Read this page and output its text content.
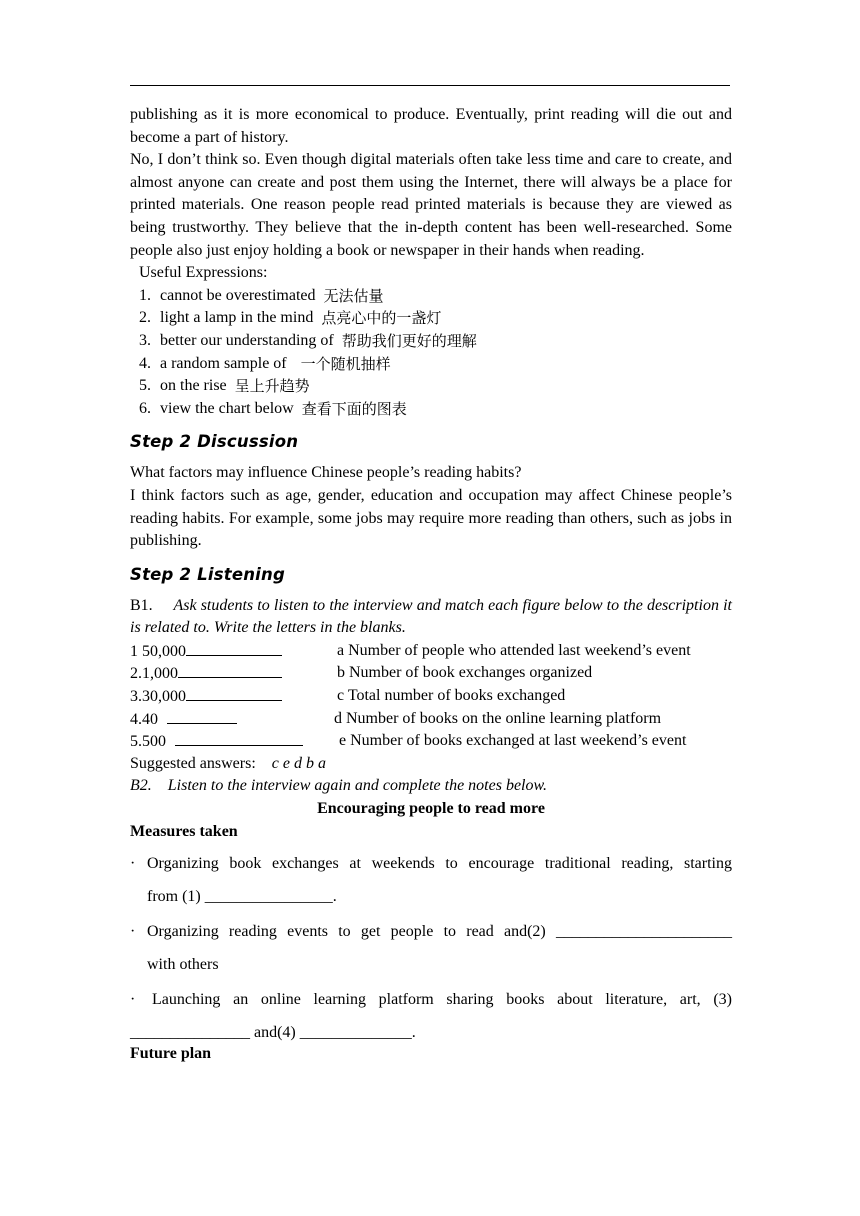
publishing as it is more economical to produce. Eventually, print reading will die out and become a part of history.

No, I don’t think so. Even though digital materials often take less time and care to create, and almost anyone can create and post them using the Internet, there will always be a place for printed materials. One reason people read printed materials is because they are viewed as being trustworthy. They believe that the in-depth content has been well-researched. Some people also just enjoy holding a book or newspaper in their hands when reading.

Useful Expressions:
1. cannot be overestimated 无法估量
2. light a lamp in the mind 点亮心中的一盏灯
3. better our understanding of 帮助我们更好的理解
4. a random sample of 一个随机抽样
5. on the rise 呈上升趋势
6. view the chart below 查看下面的图表
Step 2 Discussion

What factors may influence Chinese people’s reading habits?

I think factors such as age, gender, education and occupation may affect Chinese people’s reading habits. For example, some jobs may require more reading than others, such as jobs in publishing.

Step 2 Listening

B1. Ask students to listen to the interview and match each figure below to the description it is related to. Write the letters in the blanks.

1 50,000	a Number of people who attended last weekend’s event
2.1,000	b Number of book exchanges organized
3.30,000	c Total number of books exchanged
4.40	d Number of books on the online learning platform
5.500	e Number of books exchanged at last weekend’s event

Suggested answers: c e d b a

B2. Listen to the interview again and complete the notes below.

Encouraging people to read more

Measures taken

· Organizing book exchanges at weekends to encourage traditional reading, starting
from (1) ________________.
· Organizing reading events to get people to read and(2) ______________________
with others
· Launching an online learning platform sharing books about literature, art, (3)
_______________ and(4) ______________.

Future plan
